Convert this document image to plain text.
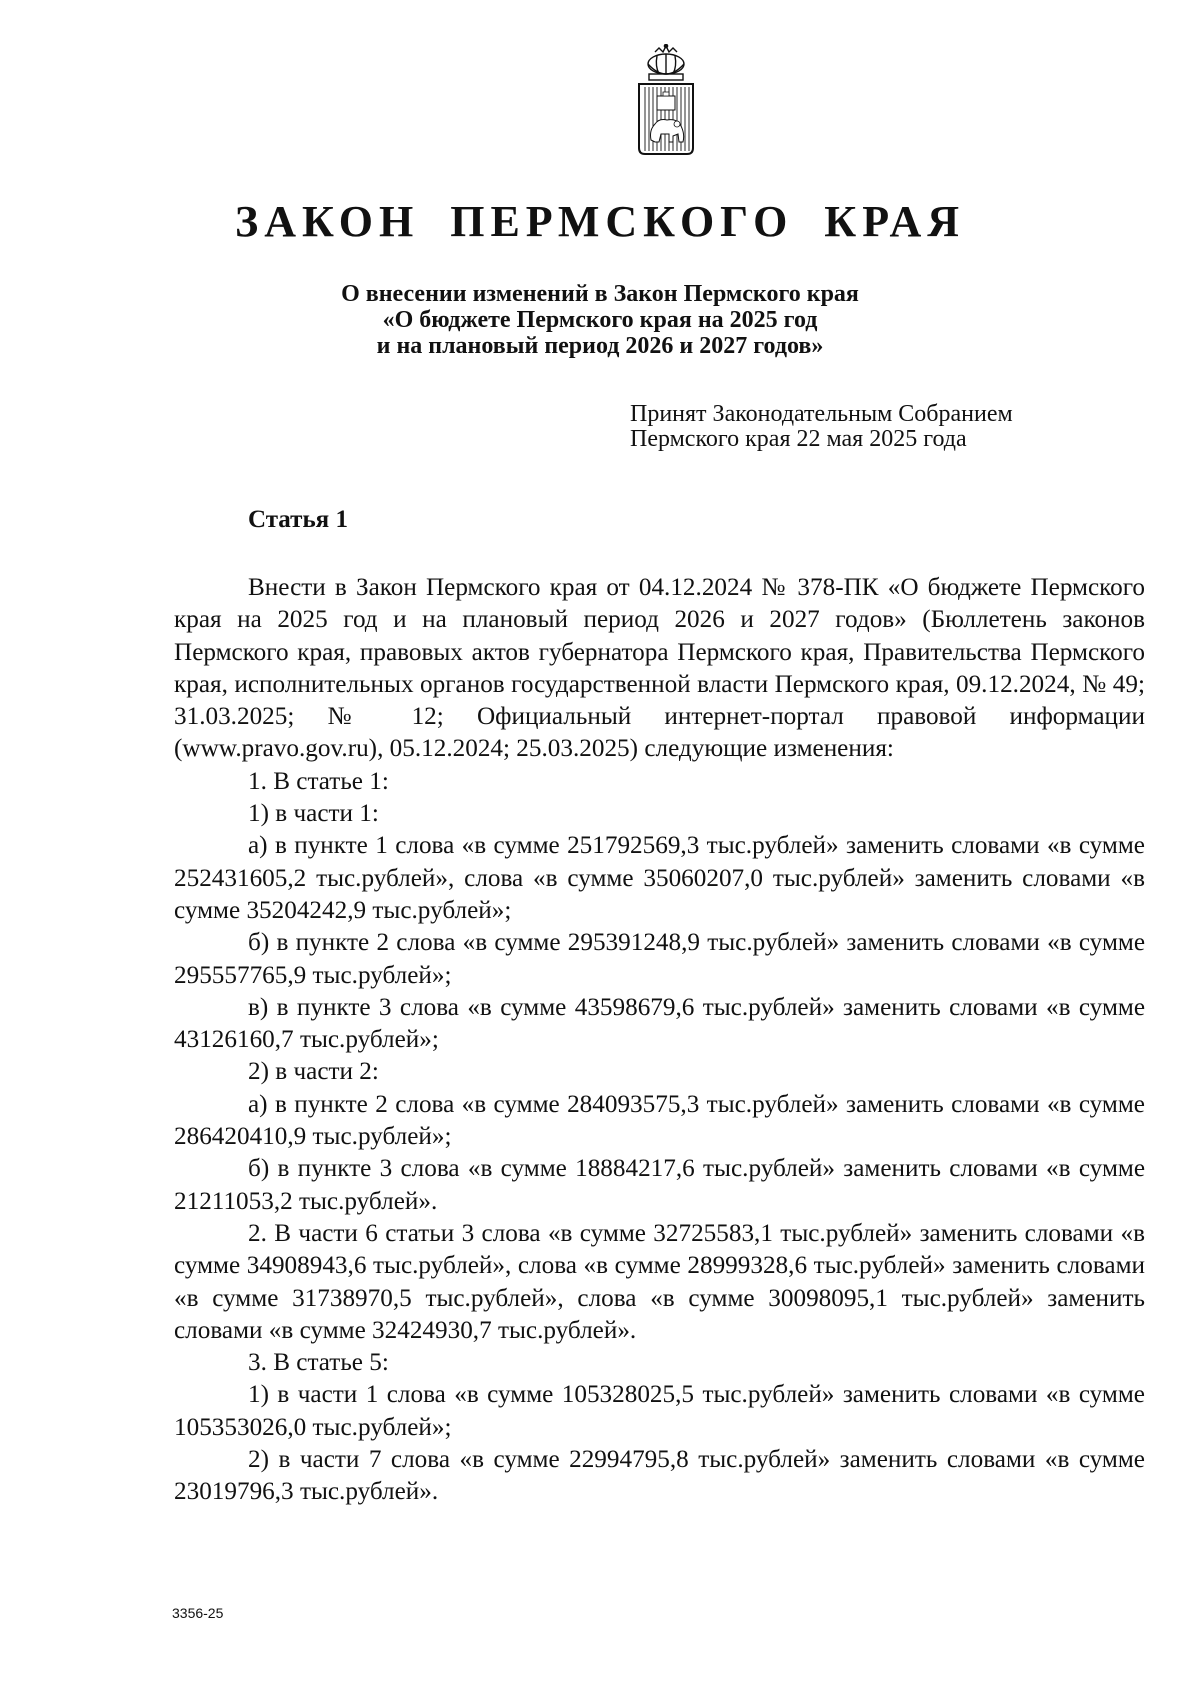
ЗАКОН ПЕРМСКОГО КРАЯ
О внесении изменений в Закон Пермского края
«О бюджете Пермского края на 2025 год
и на плановый период 2026 и 2027 годов»
Принят Законодательным Собранием
Пермского края 22 мая 2025 года
Статья 1

Внести в Закон Пермского края от 04.12.2024 № 378-ПК «О бюджете Пермского края на 2025 год и на плановый период 2026 и 2027 годов» (Бюллетень законов Пермского края, правовых актов губернатора Пермского края, Правительства Пермского края, исполнительных органов государственной власти Пермского края, 09.12.2024, № 49; 31.03.2025; № 12; Официальный интернет-портал правовой информации (www.pravo.gov.ru), 05.12.2024; 25.03.2025) следующие изменения:

1. В статье 1:

1) в части 1:

а) в пункте 1 слова «в сумме 251792569,3 тыс.рублей» заменить словами «в сумме 252431605,2 тыс.рублей», слова «в сумме 35060207,0 тыс.рублей» заменить словами «в сумме 35204242,9 тыс.рублей»;

б) в пункте 2 слова «в сумме 295391248,9 тыс.рублей» заменить словами «в сумме 295557765,9 тыс.рублей»;

в) в пункте 3 слова «в сумме 43598679,6 тыс.рублей» заменить словами «в сумме 43126160,7 тыс.рублей»;

2) в части 2:

а) в пункте 2 слова «в сумме 284093575,3 тыс.рублей» заменить словами «в сумме 286420410,9 тыс.рублей»;

б) в пункте 3 слова «в сумме 18884217,6 тыс.рублей» заменить словами «в сумме 21211053,2 тыс.рублей».

2. В части 6 статьи 3 слова «в сумме 32725583,1 тыс.рублей» заменить словами «в сумме 34908943,6 тыс.рублей», слова «в сумме 28999328,6 тыс.рублей» заменить словами «в сумме 31738970,5 тыс.рублей», слова «в сумме 30098095,1 тыс.рублей» заменить словами «в сумме 32424930,7 тыс.рублей».

3. В статье 5:

1) в части 1 слова «в сумме 105328025,5 тыс.рублей» заменить словами «в сумме 105353026,0 тыс.рублей»;

2) в части 7 слова «в сумме 22994795,8 тыс.рублей» заменить словами «в сумме 23019796,3 тыс.рублей».

3356-25
